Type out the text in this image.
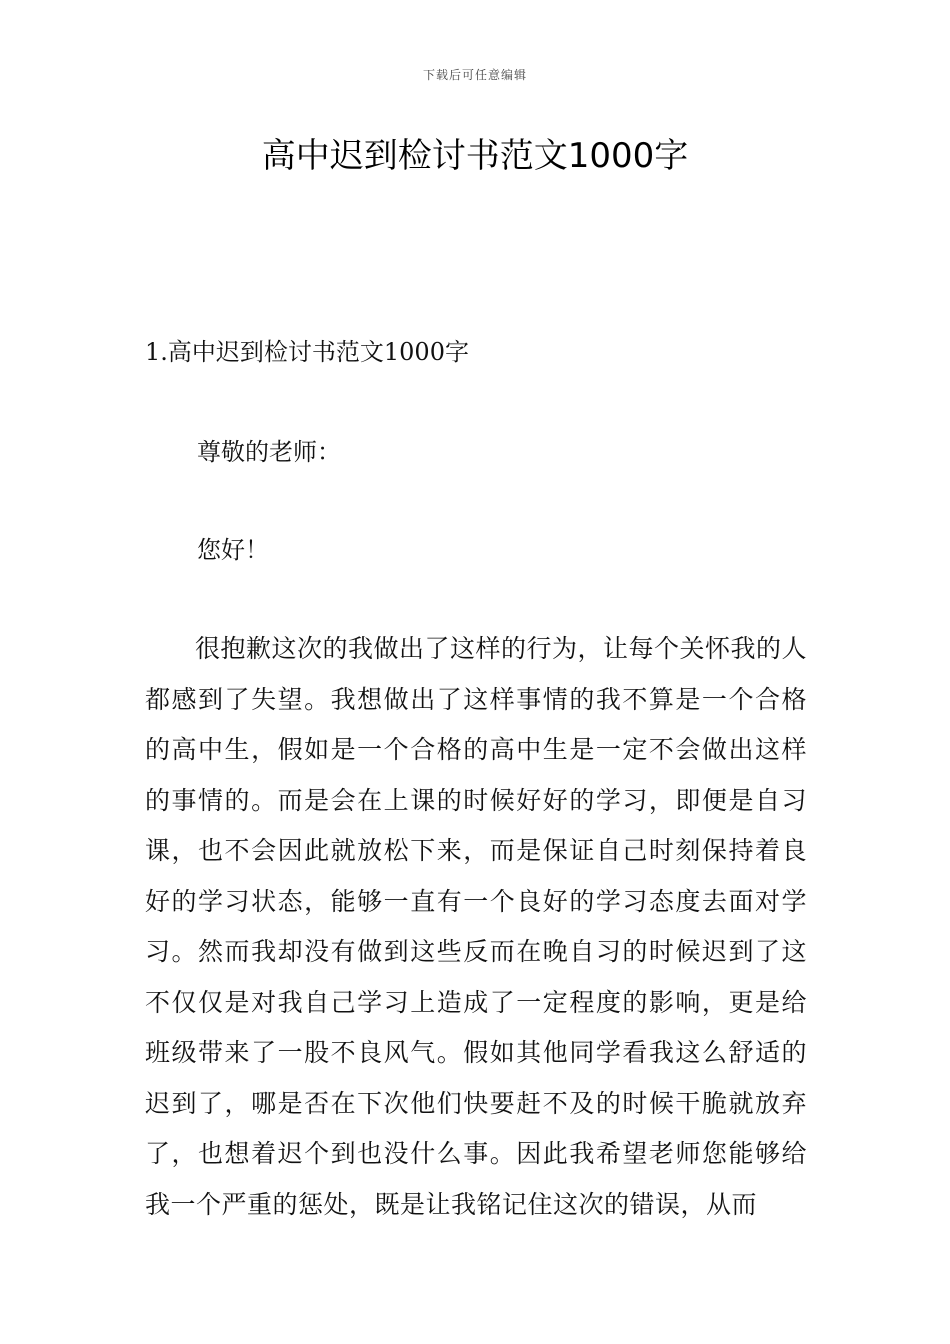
下载后可任意编辑
高中迟到检讨书范文1000字

1.高中迟到检讨书范文1000字

尊敬的老师：

您好！

很抱歉这次的我做出了这样的行为，让每个关怀我的人都感到了失望。我想做出了这样事情的我不算是一个合格的高中生，假如是一个合格的高中生是一定不会做出这样的事情的。而是会在上课的时候好好的学习，即便是自习课，也不会因此就放松下来，而是保证自己时刻保持着良好的学习状态，能够一直有一个良好的学习态度去面对学习。然而我却没有做到这些反而在晚自习的时候迟到了这不仅仅是对我自己学习上造成了一定程度的影响，更是给班级带来了一股不良风气。假如其他同学看我这么舒适的迟到了，哪是否在下次他们快要赶不及的时候干脆就放弃了，也想着迟个到也没什么事。因此我希望老师您能够给我一个严重的惩处，既是让我铭记住这次的错误，从而
